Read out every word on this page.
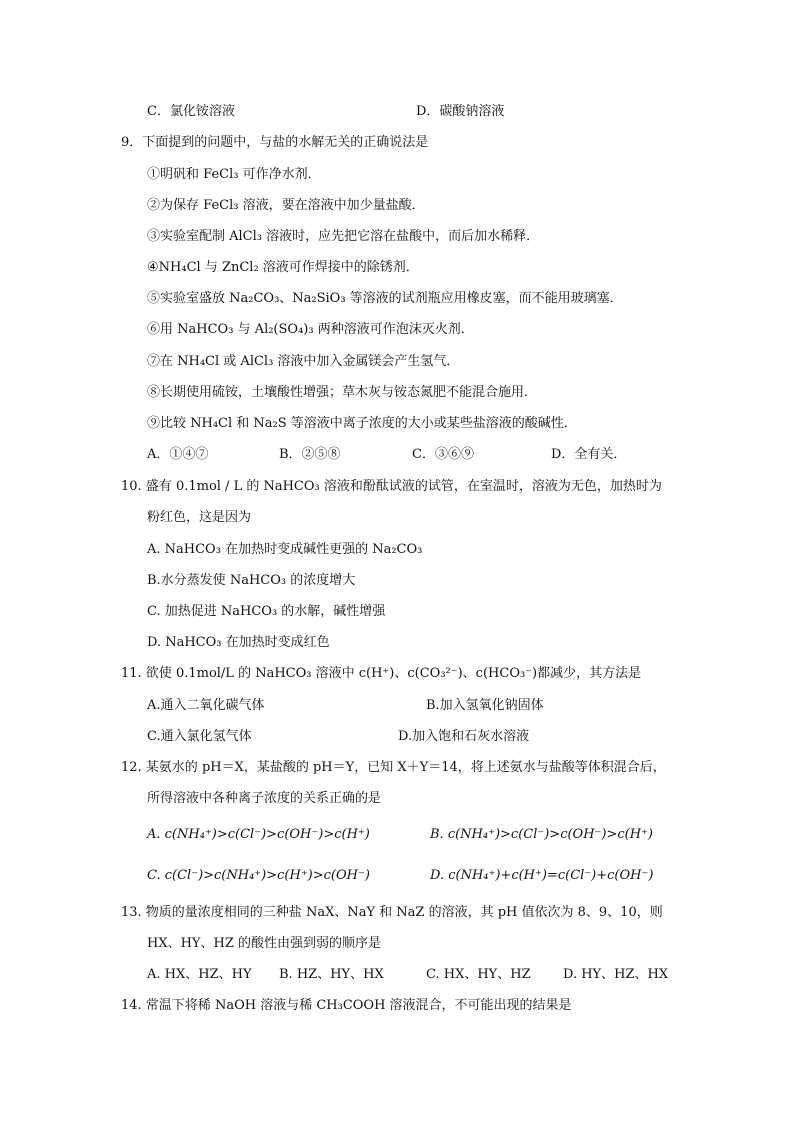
C．氯化铵溶液	D．碳酸钠溶液
9．下面提到的问题中，与盐的水解无关的正确说法是
①明矾和 FeCl₃ 可作净水剂．
②为保存 FeCl₃ 溶液，要在溶液中加少量盐酸．
③实验室配制 AlCl₃ 溶液时，应先把它溶在盐酸中，而后加水稀释．
④NH₄Cl 与 ZnCl₂ 溶液可作焊接中的除锈剂．
⑤实验室盛放 Na₂CO₃、Na₂SiO₃ 等溶液的试剂瓶应用橡皮塞，而不能用玻璃塞．
⑥用 NaHCO₃ 与 Al₂(SO₄)₃ 两种溶液可作泡沫灭火剂．
⑦在 NH₄Cl 或 AlCl₃ 溶液中加入金属镁会产生氢气．
⑧长期使用硫铵，土壤酸性增强；草木灰与铵态氮肥不能混合施用．
⑨比较 NH₄Cl 和 Na₂S 等溶液中离子浓度的大小或某些盐溶液的酸碱性．
A．①④⑦	B．②⑤⑧	C．③⑥⑨	D．全有关．
10. 盛有 0.1mol / L 的 NaHCO₃ 溶液和酚酞试液的试管，在室温时，溶液为无色，加热时为
粉红色，这是因为
A. NaHCO₃ 在加热时变成碱性更强的 Na₂CO₃
B.水分蒸发使 NaHCO₃ 的浓度增大
C. 加热促进 NaHCO₃ 的水解，碱性增强
D. NaHCO₃ 在加热时变成红色
11. 欲使 0.1mol/L 的 NaHCO₃ 溶液中 c(H⁺)、c(CO₃²⁻)、c(HCO₃⁻)都减少，其方法是
A.通入二氧化碳气体	B.加入氢氧化钠固体
C.通入氯化氢气体	D.加入饱和石灰水溶液
12. 某氨水的 pH＝X，某盐酸的 pH＝Y，已知 X＋Y＝14，将上述氨水与盐酸等体积混合后，
所得溶液中各种离子浓度的关系正确的是
A. c(NH₄⁺)>c(Cl⁻)>c(OH⁻)>c(H⁺)	B. c(NH₄⁺)>c(Cl⁻)>c(OH⁻)>c(H⁺)
C. c(Cl⁻)>c(NH₄⁺)>c(H⁺)>c(OH⁻)	D. c(NH₄⁺)+c(H⁺)=c(Cl⁻)+c(OH⁻)
13. 物质的量浓度相同的三种盐 NaX、NaY 和 NaZ 的溶液，其 pH 值依次为 8、9、10，则
HX、HY、HZ 的酸性由强到弱的顺序是
A. HX、HZ、HY B. HZ、HY、HX	C. HX、HY、HZ D. HY、HZ、HX
14. 常温下将稀 NaOH 溶液与稀 CH₃COOH 溶液混合，不可能出现的结果是
